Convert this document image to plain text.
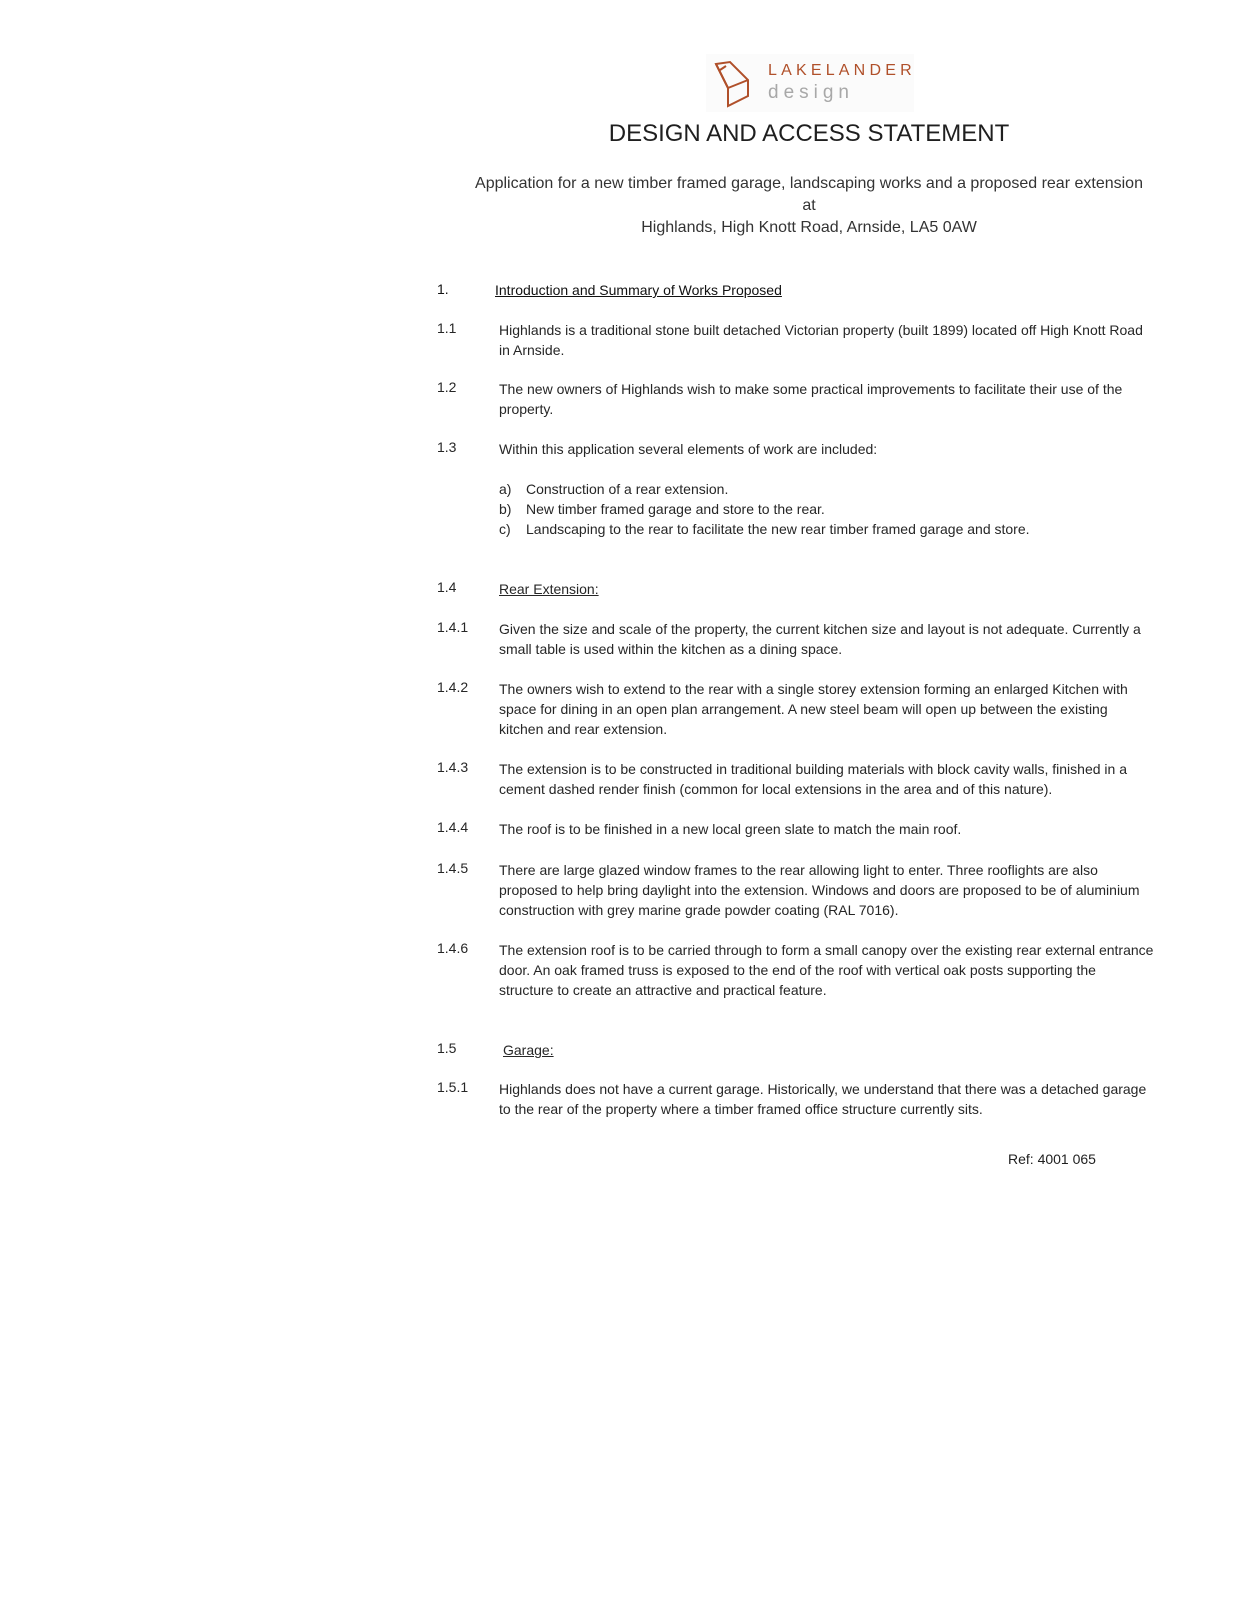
LAKELANDER
design
DESIGN AND ACCESS STATEMENT
Application for a new timber framed garage, landscaping works and a proposed rear extension
at
Highlands, High Knott Road, Arnside, LA5 0AW
1.	Introduction and Summary of Works Proposed
1.1	Highlands is a traditional stone built detached Victorian property (built 1899) located off High Knott Road in Arnside.
1.2	The new owners of Highlands wish to make some practical improvements to facilitate their use of the property.
1.3	Within this application several elements of work are included:
a)	Construction of a rear extension.
b)	New timber framed garage and store to the rear.
c)	Landscaping to the rear to facilitate the new rear timber framed garage and store.
1.4	Rear Extension:
1.4.1 Given the size and scale of the property, the current kitchen size and layout is not adequate. Currently a small table is used within the kitchen as a dining space.
1.4.2 The owners wish to extend to the rear with a single storey extension forming an enlarged Kitchen with space for dining in an open plan arrangement. A new steel beam will open up between the existing kitchen and rear extension.
1.4.3 The extension is to be constructed in traditional building materials with block cavity walls, finished in a cement dashed render finish (common for local extensions in the area and of this nature).
1.4.4 The roof is to be finished in a new local green slate to match the main roof.
1.4.5 There are large glazed window frames to the rear allowing light to enter. Three rooflights are also proposed to help bring daylight into the extension. Windows and doors are proposed to be of aluminium construction with grey marine grade powder coating (RAL 7016).
1.4.6 The extension roof is to be carried through to form a small canopy over the existing rear external entrance door. An oak framed truss is exposed to the end of the roof with vertical oak posts supporting the structure to create an attractive and practical feature.
1.5	Garage:
1.5.1 Highlands does not have a current garage. Historically, we understand that there was a detached garage to the rear of the property where a timber framed office structure currently sits.
Ref: 4001 065
